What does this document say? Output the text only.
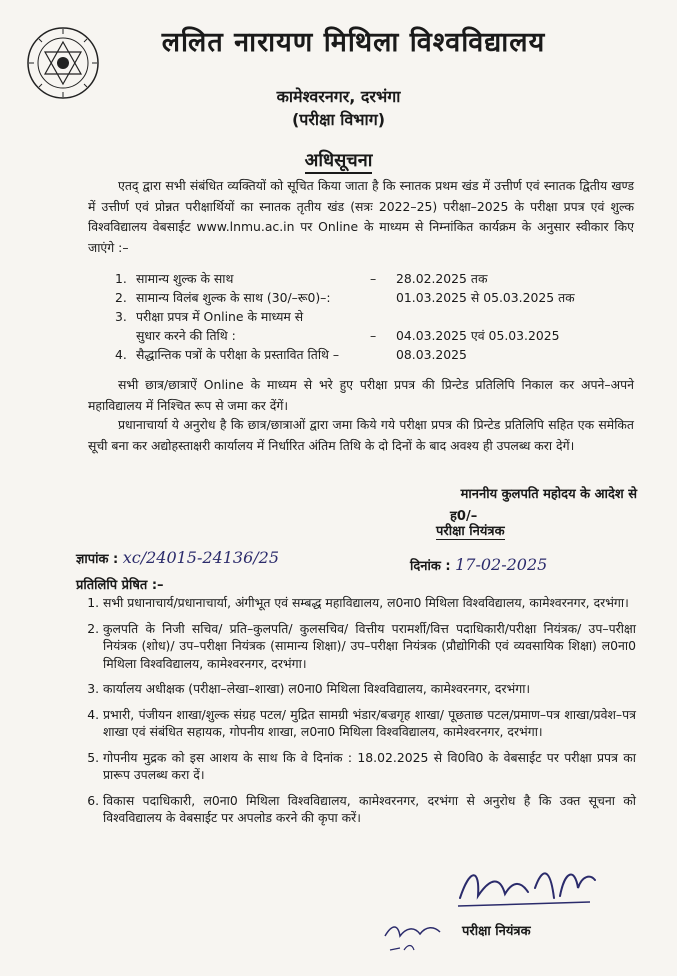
ललित नारायण मिथिला विश्वविद्यालय
कामेश्वरनगर, दरभंगा
(परीक्षा विभाग)
अधिसूचना
एतद् द्वारा सभी संबंधित व्यक्तियों को सूचित किया जाता है कि स्नातक प्रथम खंड में उत्तीर्ण एवं स्नातक द्वितीय खण्ड में उत्तीर्ण एवं प्रोन्नत परीक्षार्थियों का स्नातक तृतीय खंड (सत्रः 2022–25) परीक्षा–2025 के परीक्षा प्रपत्र एवं शुल्क विश्वविद्यालय वेबसाईट www.lnmu.ac.in पर Online के माध्यम से निम्नांकित कार्यक्रम के अनुसार स्वीकार किए जाएंगे :–
1. सामान्य शुल्क के साथ	– 28.02.2025 तक
2. सामान्य विलंब शुल्क के साथ (30/–रू0)–:	01.03.2025 से 05.03.2025 तक
3. परीक्षा प्रपत्र में Online के माध्यम से
सुधार करने की तिथि :	– 04.03.2025 एवं 05.03.2025
4. सैद्धान्तिक पत्रों के परीक्षा के प्रस्तावित तिथि –	08.03.2025
सभी छात्र/छात्राऐं Online के माध्यम से भरे हुए परीक्षा प्रपत्र की प्रिन्टेड प्रतिलिपि निकाल कर अपने–अपने महाविद्यालय में निश्चित रूप से जमा कर देंगें।
प्रधानाचार्या ये अनुरोध है कि छात्र/छात्राओं द्वारा जमा किये गये परीक्षा प्रपत्र की प्रिन्टेड प्रतिलिपि सहित एक समेकित सूची बना कर अद्योहस्ताक्षरी कार्यालय में निर्धारित अंतिम तिथि के दो दिनों के बाद अवश्य ही उपलब्ध करा देगें।
माननीय कुलपति महोदय के आदेश से
ह0/–
परीक्षा नियंत्रक
ज्ञापांक : xc/24015-24136/25	दिनांक : 17-02-2025
प्रतिलिपि प्रेषित :–
1. सभी प्रधानाचार्य/प्रधानाचार्या, अंगीभूत एवं सम्बद्ध महाविद्यालय, ल0ना0 मिथिला विश्वविद्यालय, कामेश्वरनगर, दरभंगा।
2. कुलपति के निजी सचिव/ प्रति–कुलपति/ कुलसचिव/ वित्तीय परामर्शी/वित्त पदाधिकारी/परीक्षा नियंत्रक/ उप–परीक्षा नियंत्रक (शोध)/ उप–परीक्षा नियंत्रक (सामान्य शिक्षा)/ उप–परीक्षा नियंत्रक (प्रौद्योगिकी एवं व्यवसायिक शिक्षा) ल0ना0 मिथिला विश्वविद्यालय, कामेश्वरनगर, दरभंगा।
3. कार्यालय अधीक्षक (परीक्षा–लेखा–शाखा) ल0ना0 मिथिला विश्वविद्यालय, कामेश्वरनगर, दरभंगा।
4. प्रभारी, पंजीयन शाखा/शुल्क संग्रह पटल/ मुद्रित सामग्री भंडार/बज्रगृह शाखा/ पूछताछ पटल/प्रमाण–पत्र शाखा/प्रवेश–पत्र शाखा एवं संबंधित सहायक, गोपनीय शाखा, ल0ना0 मिथिला विश्वविद्यालय, कामेश्वरनगर, दरभंगा।
5. गोपनीय मुद्रक को इस आशय के साथ कि वे दिनांक : 18.02.2025 से वि0वि0 के वेबसाईट पर परीक्षा प्रपत्र का प्रारूप उपलब्ध करा दें।
6. विकास पदाधिकारी, ल0ना0 मिथिला विश्वविद्यालय, कामेश्वरनगर, दरभंगा से अनुरोध है कि उक्त सूचना को विश्वविद्यालय के वेबसाईट पर अपलोड करने की कृपा करें।
परीक्षा नियंत्रक
